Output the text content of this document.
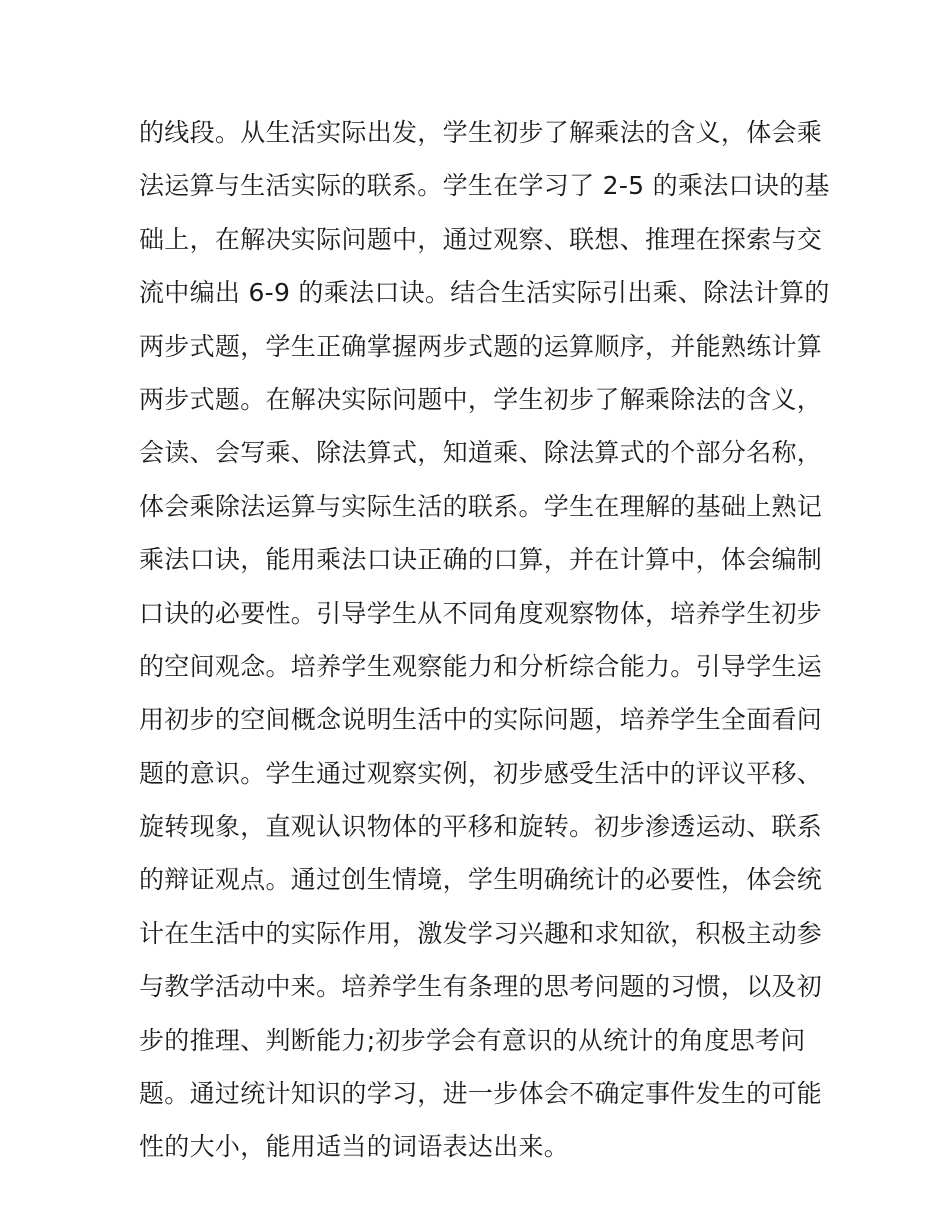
的线段。从生活实际出发，学生初步了解乘法的含义，体会乘
法运算与生活实际的联系。学生在学习了 2-5 的乘法口诀的基
础上，在解决实际问题中，通过观察、联想、推理在探索与交
流中编出 6-9 的乘法口诀。结合生活实际引出乘、除法计算的
两步式题，学生正确掌握两步式题的运算顺序，并能熟练计算
两步式题。在解决实际问题中，学生初步了解乘除法的含义，
会读、会写乘、除法算式，知道乘、除法算式的个部分名称，
体会乘除法运算与实际生活的联系。学生在理解的基础上熟记
乘法口诀，能用乘法口诀正确的口算，并在计算中，体会编制
口诀的必要性。引导学生从不同角度观察物体，培养学生初步
的空间观念。培养学生观察能力和分析综合能力。引导学生运
用初步的空间概念说明生活中的实际问题，培养学生全面看问
题的意识。学生通过观察实例，初步感受生活中的评议平移、
旋转现象，直观认识物体的平移和旋转。初步渗透运动、联系
的辩证观点。通过创生情境，学生明确统计的必要性，体会统
计在生活中的实际作用，激发学习兴趣和求知欲，积极主动参
与教学活动中来。培养学生有条理的思考问题的习惯，以及初
步的推理、判断能力;初步学会有意识的从统计的角度思考问
题。通过统计知识的学习，进一步体会不确定事件发生的可能
性的大小，能用适当的词语表达出来。
